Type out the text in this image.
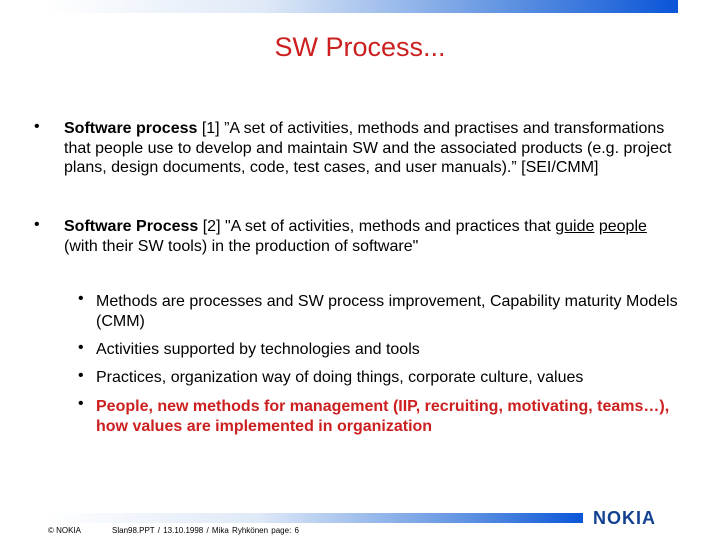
SW Process...
• Software process [1] ”A set of activities, methods and practises and transformations that people use to develop and maintain SW and the associated products (e.g. project plans, design documents, code, test cases, and user manuals).” [SEI/CMM]
• Software Process [2] "A set of activities, methods and practices that guide people (with their SW tools) in the production of software"
• Methods are processes and SW process improvement, Capability maturity Models (CMM)
• Activities supported by technologies and tools
• Practices, organization way of doing things, corporate culture, values
• People, new methods for management (IIP, recruiting, motivating, teams…), how values are implemented in organization
© NOKIA	Slan98.PPT / 13.10.1998 / Mika Ryhkönen page: 6
NOKIA
